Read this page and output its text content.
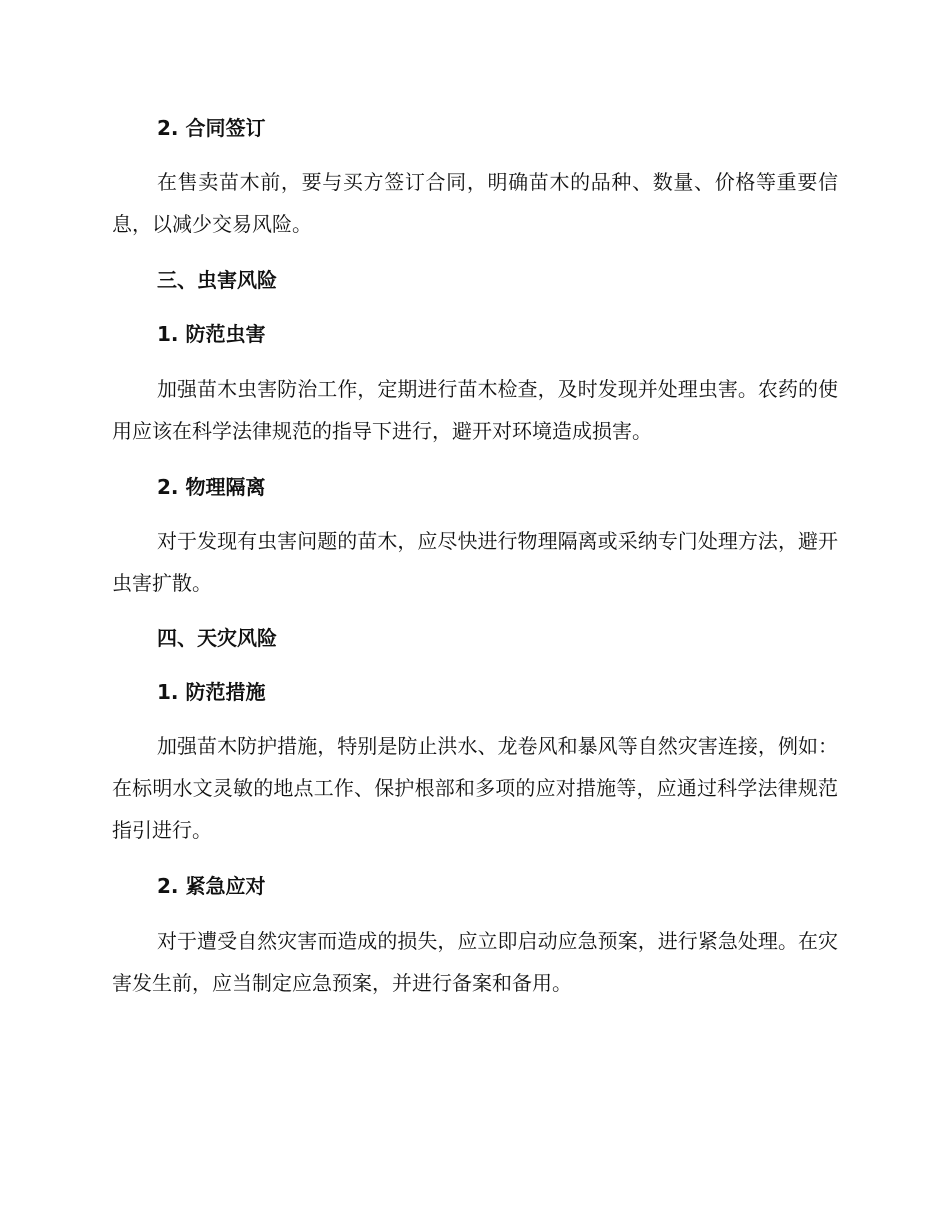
2. 合同签订

在售卖苗木前，要与买方签订合同，明确苗木的品种、数量、价格等重要信息，以减少交易风险。

三、虫害风险
1. 防范虫害

加强苗木虫害防治工作，定期进行苗木检查，及时发现并处理虫害。农药的使用应该在科学法律规范的指导下进行，避开对环境造成损害。

2. 物理隔离

对于发现有虫害问题的苗木，应尽快进行物理隔离或采纳专门处理方法，避开虫害扩散。

四、天灾风险
1. 防范措施

加强苗木防护措施，特别是防止洪水、龙卷风和暴风等自然灾害连接，例如：在标明水文灵敏的地点工作、保护根部和多项的应对措施等，应通过科学法律规范指引进行。

2. 紧急应对

对于遭受自然灾害而造成的损失，应立即启动应急预案，进行紧急处理。在灾害发生前，应当制定应急预案，并进行备案和备用。
